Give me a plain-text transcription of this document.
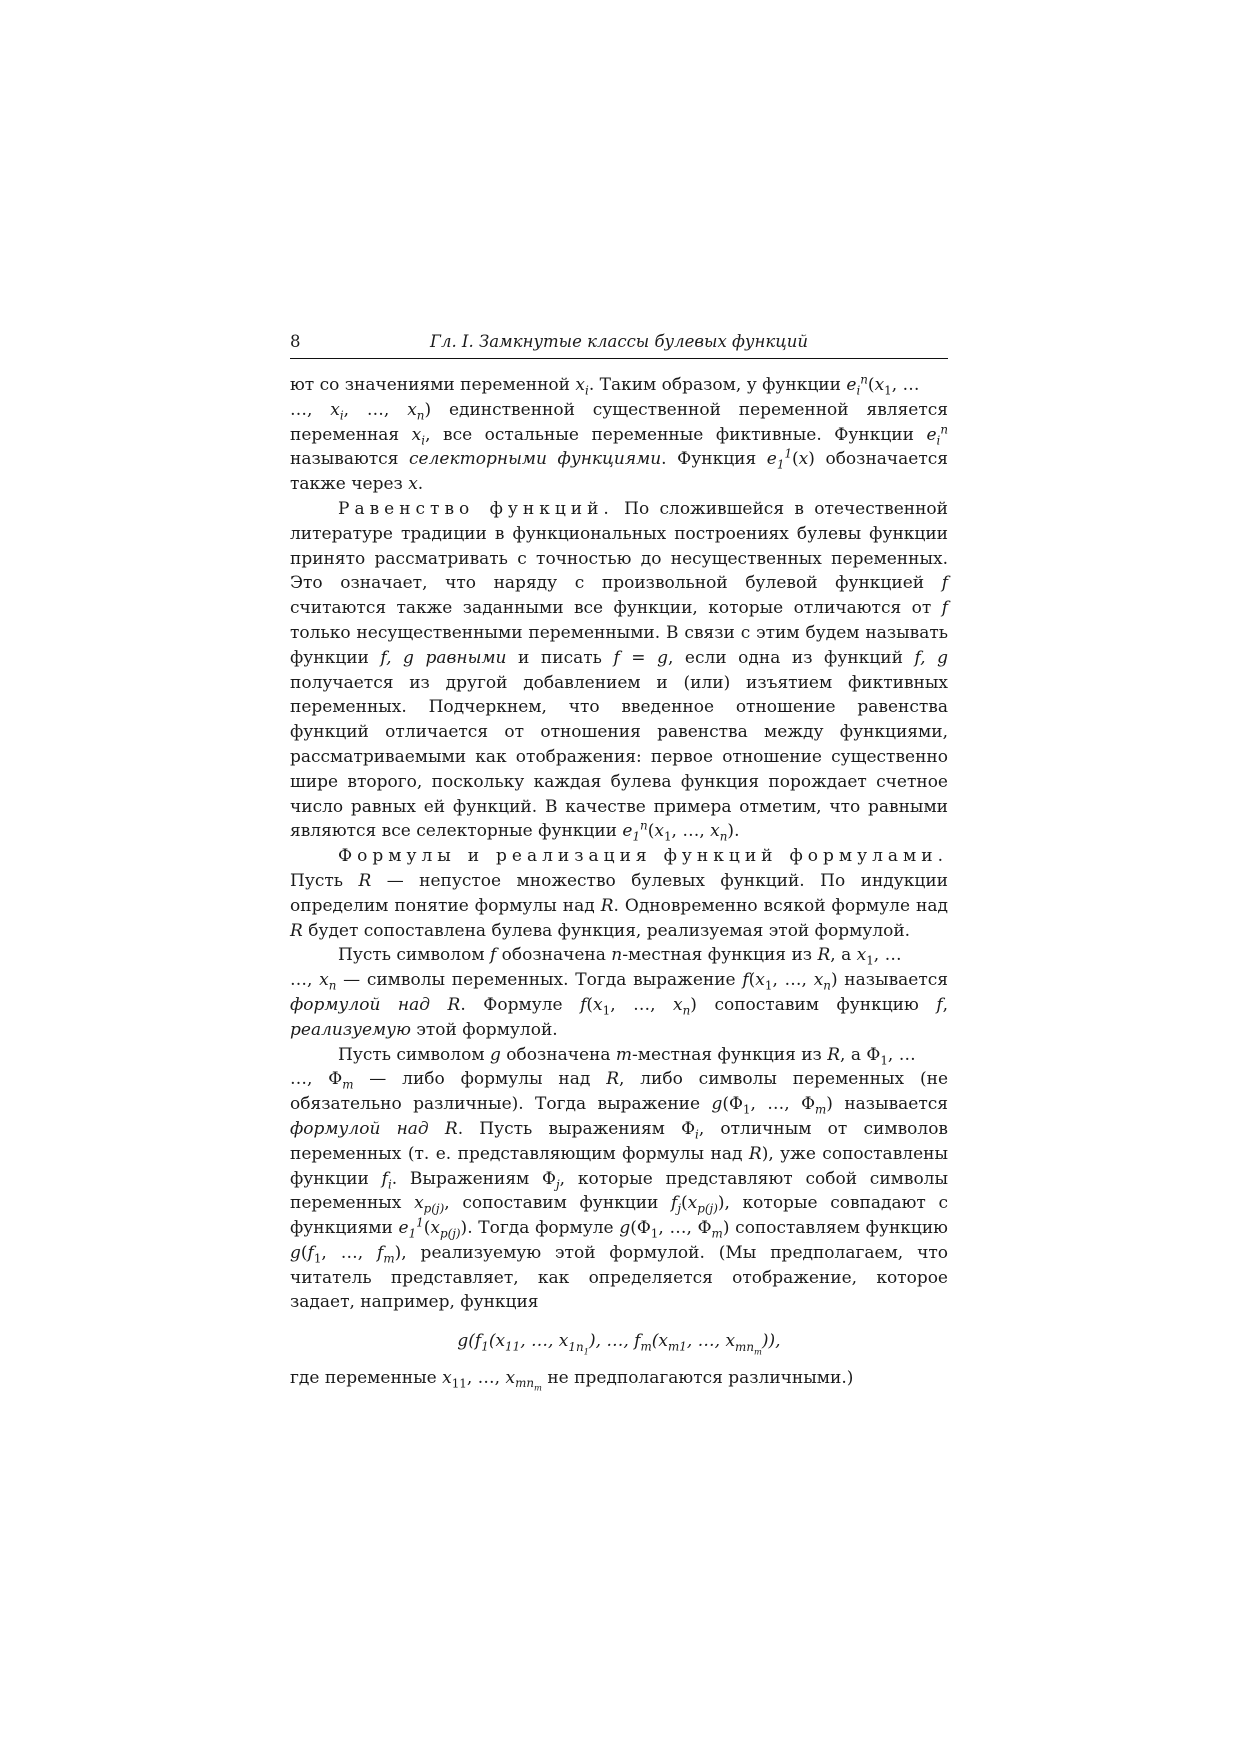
8	Гл. I. Замкнутые классы булевых функций

ют со значениями переменной $x_i$. Таким образом, у функции $e_i^n(x_1$, …
…, $x_i$, …, $x_n$) единственной существенной переменной является переменная $x_i$, все остальные переменные фиктивные. Функции $e_i^n$ называются селекторными функциями. Функция $e_1^1(x)$ обозначается также через x.

Равенство функций. По сложившейся в отечественной литературе традиции в функциональных построениях булевы функции принято рассматривать с точностью до несущественных переменных. Это означает, что наряду с произвольной булевой функцией f считаются также заданными все функции, которые отличаются от f только несущественными переменными. В связи с этим будем называть функции f, g равными и писать f = g, если одна из функций f, g получается из другой добавлением и (или) изъятием фиктивных переменных. Подчеркнем, что введенное отношение равенства функций отличается от отношения равенства между функциями, рассматриваемыми как отображения: первое отношение существенно шире второго, поскольку каждая булева функция порождает счетное число равных ей функций. В качестве примера отметим, что равными являются все селекторные функции $e_1^n(x_1$, …, $x_n$).

Формулы и реализация функций формулами. Пусть R — непустое множество булевых функций. По индукции определим понятие формулы над R. Одновременно всякой формуле над R будет сопоставлена булева функция, реализуемая этой формулой.

Пусть символом f обозначена n-местная функция из R, а $x_1$, …
…, $x_n$ — символы переменных. Тогда выражение $f(x_1$, …, $x_n$) называется формулой над R. Формуле $f(x_1$, …, $x_n$) сопоставим функцию f, реализуемую этой формулой.

Пусть символом g обозначена m-местная функция из R, а $\Phi_1$, …
…, $\Phi_m$ — либо формулы над R, либо символы переменных (не обязательно различные). Тогда выражение $g(\Phi_1$, …, $\Phi_m$) называется формулой над R. Пусть выражениям $\Phi_i$, отличным от символов переменных (т. е. представляющим формулы над R), уже сопоставлены функции $f_i$. Выражениям $\Phi_j$, которые представляют собой символы переменных $x_{p(j)}$, сопоставим функции $f_j(x_{p(j)})$, которые совпадают с функциями $e_1^1(x_{p(j)})$. Тогда формуле $g(\Phi_1$, …, $\Phi_m$) сопоставляем функцию $g(f_1$, …, $f_m$), реализуемую этой формулой. (Мы предполагаем, что читатель представляет, как определяется отображение, которое задает, например, функция

$g(f_1(x_{11}$, …, $x_{1n_1}$), …, $f_m(x_{m1}$, …, $x_{mn_m}$)),

где переменные $x_{11}$, …, $x_{mn_m}$ не предполагаются различными.)
